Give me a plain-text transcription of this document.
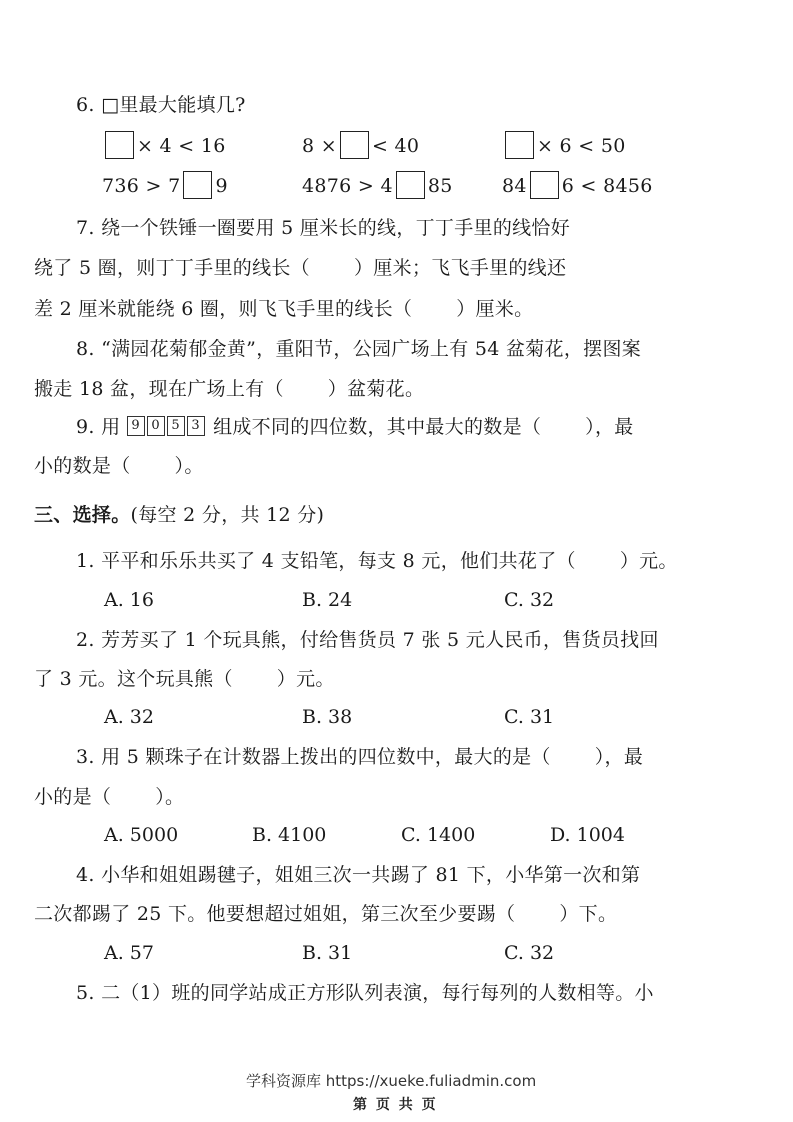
6. □里最大能填几?
× 4 < 16	8 × < 40	× 6 < 50
736 > 7 9	4876 > 4 85	84 6 < 8456
7. 绕一个铁锤一圈要用 5 厘米长的线，丁丁手里的线恰好
绕了 5 圈，则丁丁手里的线长（ ）厘米；飞飞手里的线还
差 2 厘米就能绕 6 圈，则飞飞手里的线长（ ）厘米。
8. “满园花菊郁金黄”，重阳节，公园广场上有 54 盆菊花，摆图案
搬走 18 盆，现在广场上有（ ）盆菊花。
9. 用 9 0 5 3 组成不同的四位数，其中最大的数是（ ），最
小的数是（ ）。
三、选择。(每空 2 分，共 12 分)
1. 平平和乐乐共买了 4 支铅笔，每支 8 元，他们共花了（ ）元。
A. 16	B. 24	C. 32
2. 芳芳买了 1 个玩具熊，付给售货员 7 张 5 元人民币，售货员找回
了 3 元。这个玩具熊（ ）元。
A. 32	B. 38	C. 31
3. 用 5 颗珠子在计数器上拨出的四位数中，最大的是（ ），最
小的是（ ）。
A. 5000	B. 4100	C. 1400	D. 1004
4. 小华和姐姐踢毽子，姐姐三次一共踢了 81 下，小华第一次和第
二次都踢了 25 下。他要想超过姐姐，第三次至少要踢（ ）下。
A. 57	B. 31	C. 32
5. 二（1）班的同学站成正方形队列表演，每行每列的人数相等。小
学科资源库 https://xueke.fuliadmin.com
第 页 共 页
